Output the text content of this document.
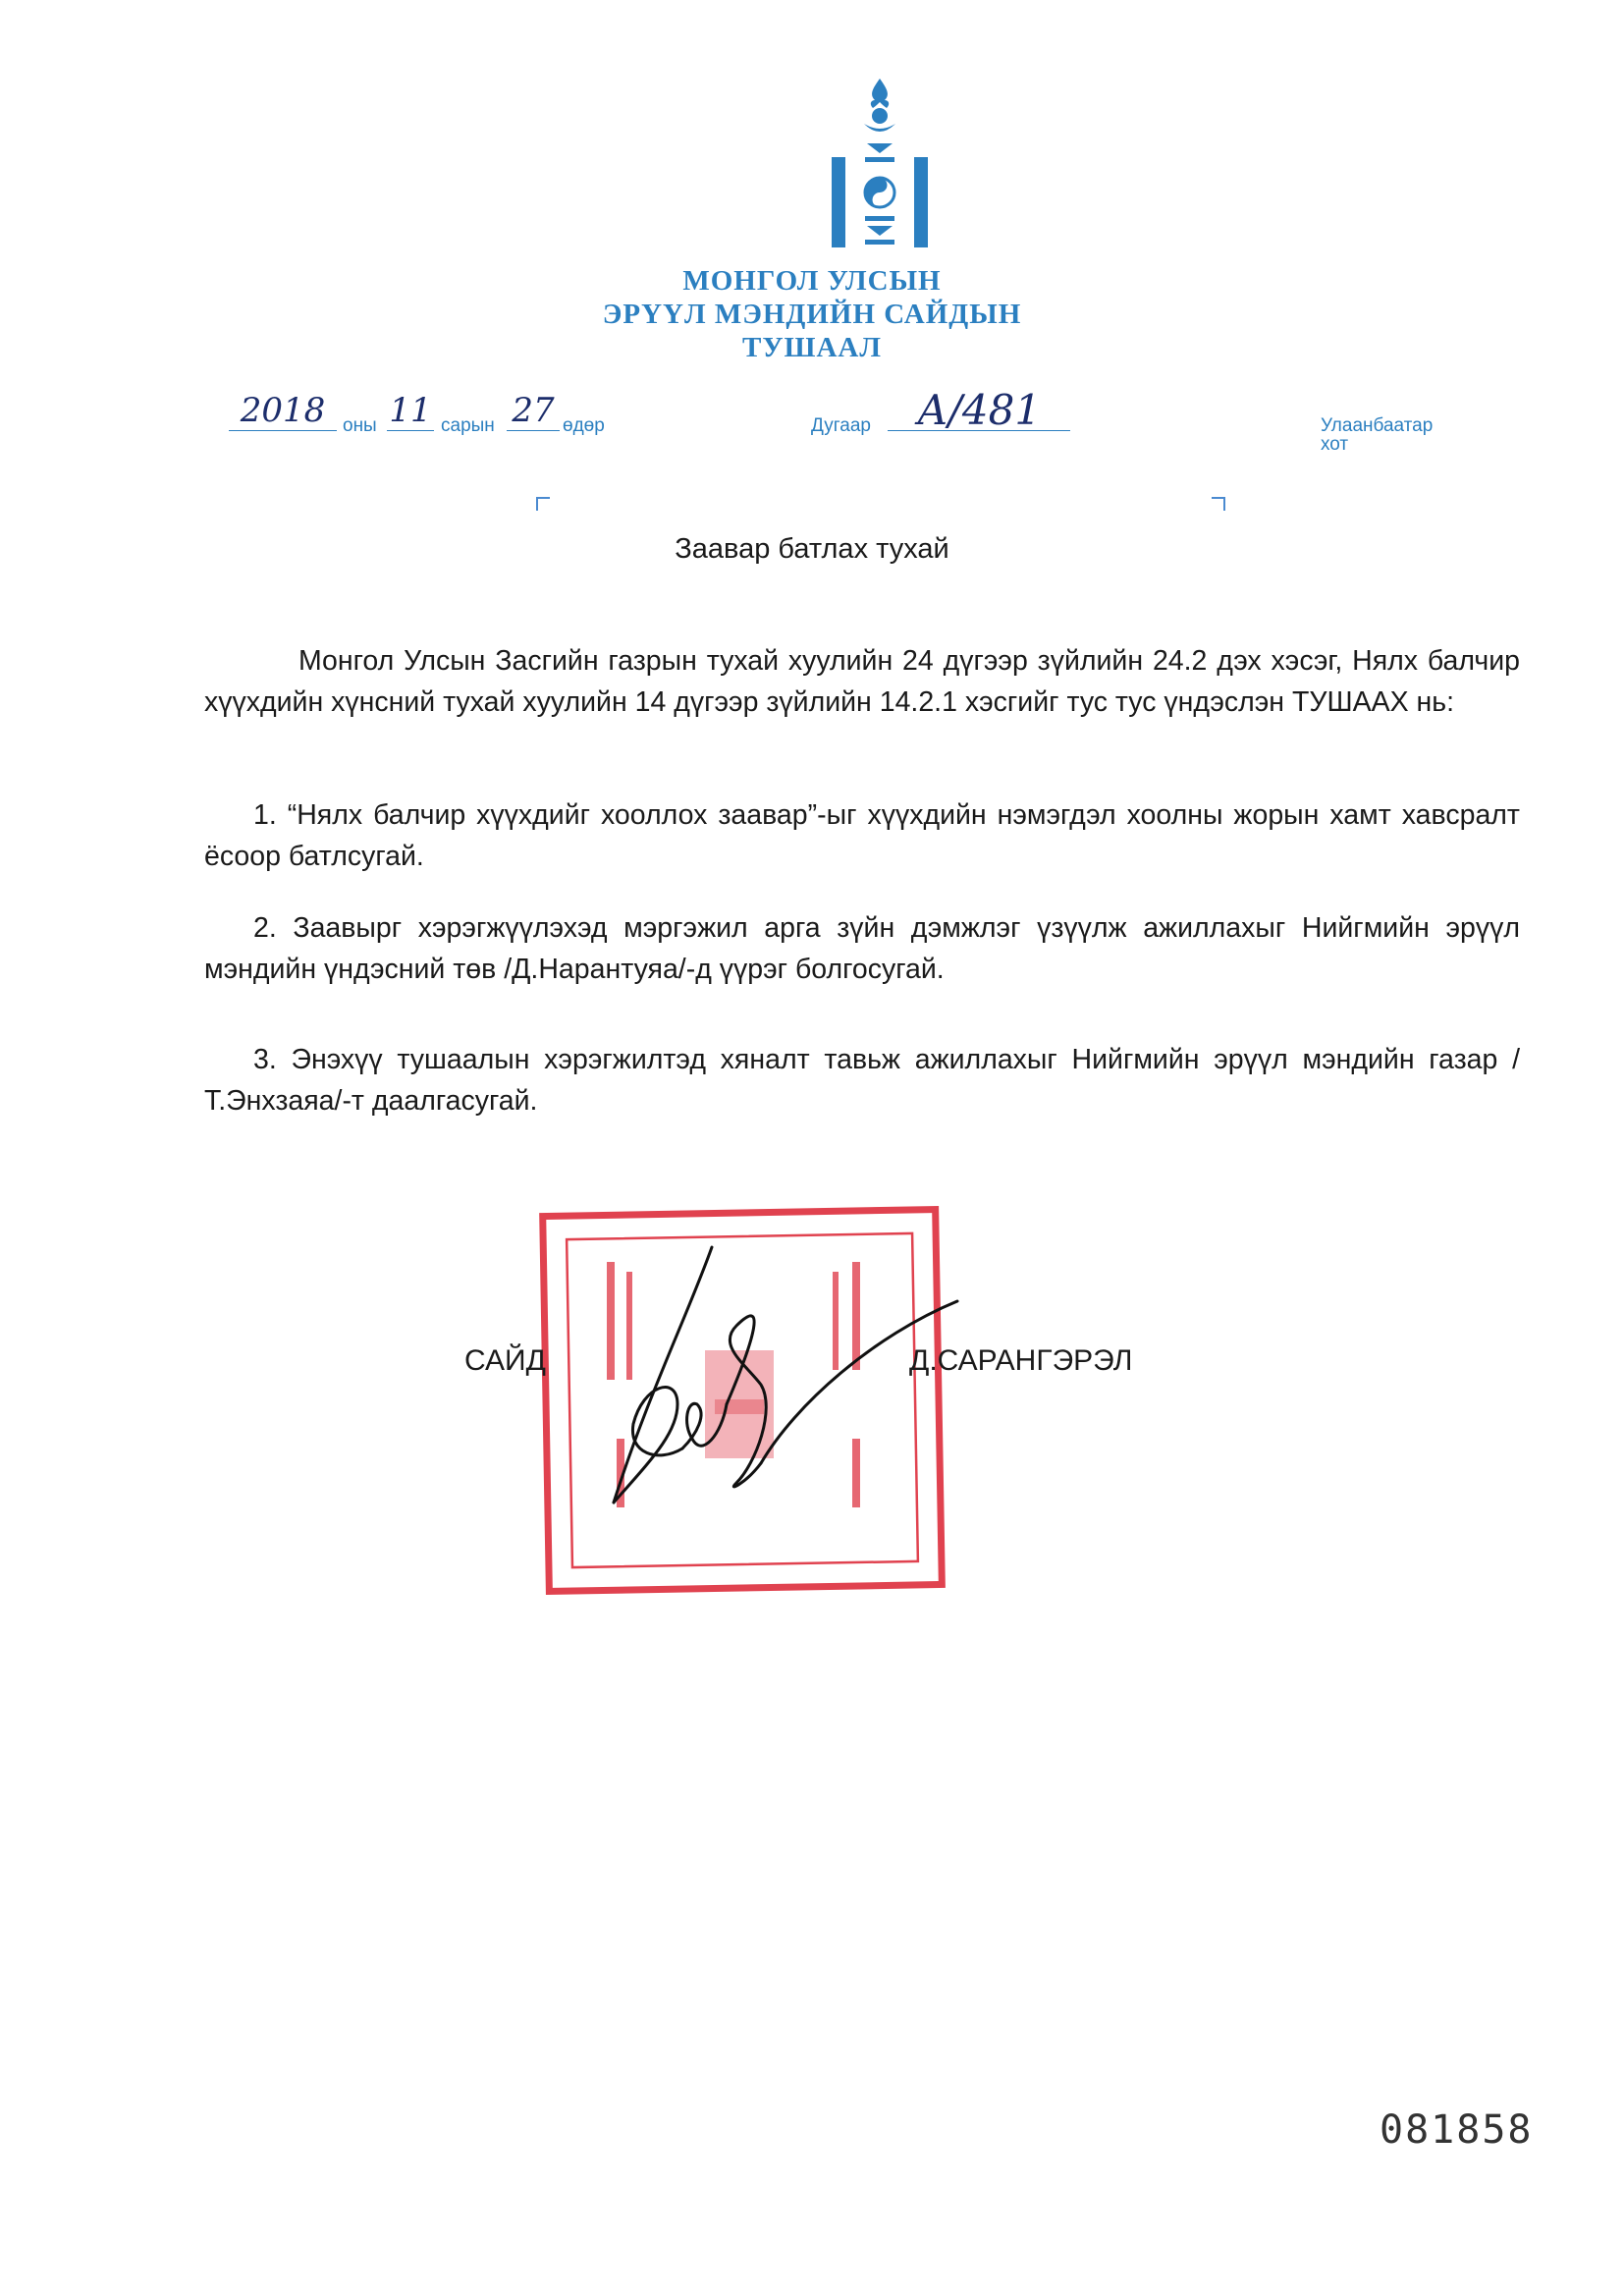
МОНГОЛ УЛСЫН
ЭРҮҮЛ МЭНДИЙН САЙДЫН
ТУШААЛ
2018 оны 11 сарын 27 өдөр	Дугаар	А/481	Улаанбаатар хот
Заавар батлах тухай
Монгол Улсын Засгийн газрын тухай хуулийн 24 дүгээр зүйлийн 24.2 дэх хэсэг, Нялх балчир хүүхдийн хүнсний тухай хуулийн 14 дүгээр зүйлийн 14.2.1 хэсгийг тус тус үндэслэн ТУШААХ нь:
1. “Нялх балчир хүүхдийг хооллох заавар”-ыг хүүхдийн нэмэгдэл хоолны жорын хамт хавсралт ёсоор батлсугай.
2. Заавырг хэрэгжүүлэхэд мэргэжил арга зүйн дэмжлэг үзүүлж ажиллахыг Нийгмийн эрүүл мэндийн үндэсний төв /Д.Нарантуяа/-д үүрэг болгосугай.
3. Энэхүү тушаалын хэрэгжилтэд хяналт тавьж ажиллахыг Нийгмийн эрүүл мэндийн газар /Т.Энхзаяа/-т даалгасугай.
САЙД	Д.САРАНГЭРЭЛ
081858
